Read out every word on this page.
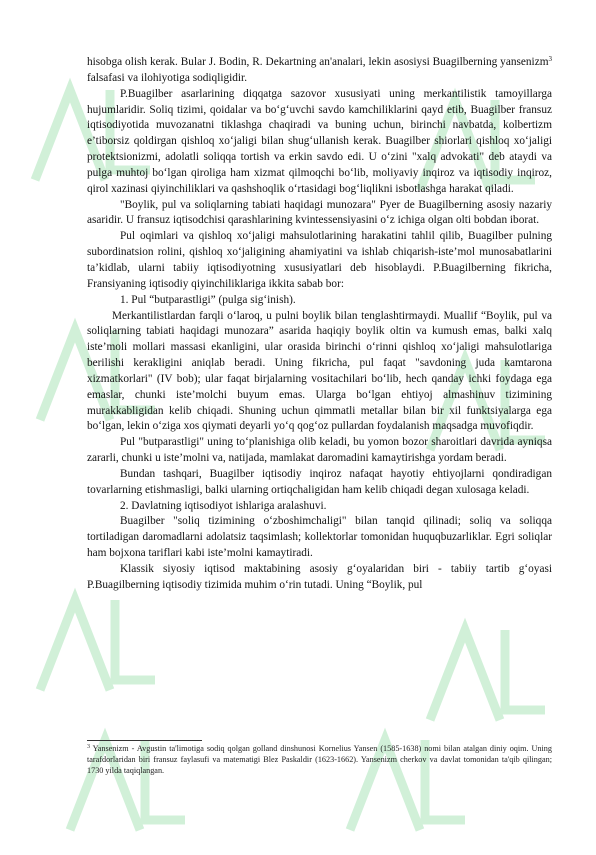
hisobga olish kerak. Bular J. Bodin, R. Dekartning an'analari, lekin asosiysi Buagilberning yansenizm$^3$ falsafasi va ilohiyotiga sodiqligidir.

P.Buagilber asarlarining diqqatga sazovor xususiyati uning merkantilistik tamoyillarga hujumlaridir. Soliq tizimi, qoidalar va bo‘g‘uvchi savdo kamchiliklarini qayd etib, Buagilber fransuz iqtisodiyotida muvozanatni tiklashga chaqiradi va buning uchun, birinchi navbatda, kolbertizm e’tiborsiz qoldirgan qishloq xo‘jaligi bilan shug‘ullanish kerak. Buagilber shiorlari qishloq xo‘jaligi protektsionizmi, adolatli soliqqa tortish va erkin savdo edi. U o‘zini "xalq advokati" deb ataydi va pulga muhtoj bo‘lgan qiroliga ham xizmat qilmoqchi bo‘lib, moliyaviy inqiroz va iqtisodiy inqiroz, qirol xazinasi qiyinchiliklari va qashshoqlik o‘rtasidagi bog‘liqlikni isbotlashga harakat qiladi.

"Boylik, pul va soliqlarning tabiati haqidagi munozara" Pyer de Buagilberning asosiy nazariy asaridir. U fransuz iqtisodchisi qarashlarining kvintessensiyasini o‘z ichiga olgan olti bobdan iborat.

Pul oqimlari va qishloq xo‘jaligi mahsulotlarining harakatini tahlil qilib, Buagilber pulning subordinatsion rolini, qishloq xo‘jaligining ahamiyatini va ishlab chiqarish-iste’mol munosabatlarini ta’kidlab, ularni tabiiy iqtisodiyotning xususiyatlari deb hisoblaydi. P.Buagilberning fikricha, Fransiyaning iqtisodiy qiyinchiliklariga ikkita sabab bor:

1. Pul “butparastligi” (pulga sig‘inish).

Merkantilistlardan farqli o‘laroq, u pulni boylik bilan tenglashtirmaydi. Muallif “Boylik, pul va soliqlarning tabiati haqidagi munozara” asarida haqiqiy boylik oltin va kumush emas, balki xalq iste’moli mollari massasi ekanligini, ular orasida birinchi o‘rinni qishloq xo‘jaligi mahsulotlariga berilishi kerakligini aniqlab beradi. Uning fikricha, pul faqat "savdoning juda kamtarona xizmatkorlari" (IV bob); ular faqat birjalarning vositachilari bo‘lib, hech qanday ichki foydaga ega emaslar, chunki iste’molchi buyum emas. Ularga bo‘lgan ehtiyoj almashinuv tizimining murakkabligidan kelib chiqadi. Shuning uchun qimmatli metallar bilan bir xil funktsiyalarga ega bo‘lgan, lekin o‘ziga xos qiymati deyarli yo‘q qog‘oz pullardan foydalanish maqsadga muvofiqdir.

Pul "butparastligi" uning to‘planishiga olib keladi, bu yomon bozor sharoitlari davrida ayniqsa zararli, chunki u iste’molni va, natijada, mamlakat daromadini kamaytirishga yordam beradi.

Bundan tashqari, Buagilber iqtisodiy inqiroz nafaqat hayotiy ehtiyojlarni qondiradigan tovarlarning etishmasligi, balki ularning ortiqchaligidan ham kelib chiqadi degan xulosaga keladi.

2. Davlatning iqtisodiyot ishlariga aralashuvi.

Buagilber "soliq tizimining o‘zboshimchaligi" bilan tanqid qilinadi; soliq va soliqqa tortiladigan daromadlarni adolatsiz taqsimlash; kollektorlar tomonidan huquqbuzarliklar. Egri soliqlar ham bojxona tariflari kabi iste’molni kamaytiradi.

Klassik siyosiy iqtisod maktabining asosiy g‘oyalaridan biri - tabiiy tartib g‘oyasi P.Buagilberning iqtisodiy tizimida muhim o‘rin tutadi. Uning “Boylik, pul

$^3$ Yansenizm - Avgustin ta'limotiga sodiq qolgan golland dinshunosi Kornelius Yansen (1585-1638) nomi bilan atalgan diniy oqim. Uning tarafdorlaridan biri fransuz faylasufi va matematigi Blez Paskaldir (1623-1662). Yansenizm cherkov va davlat tomonidan ta'qib qilingan; 1730 yilda taqiqlangan.
